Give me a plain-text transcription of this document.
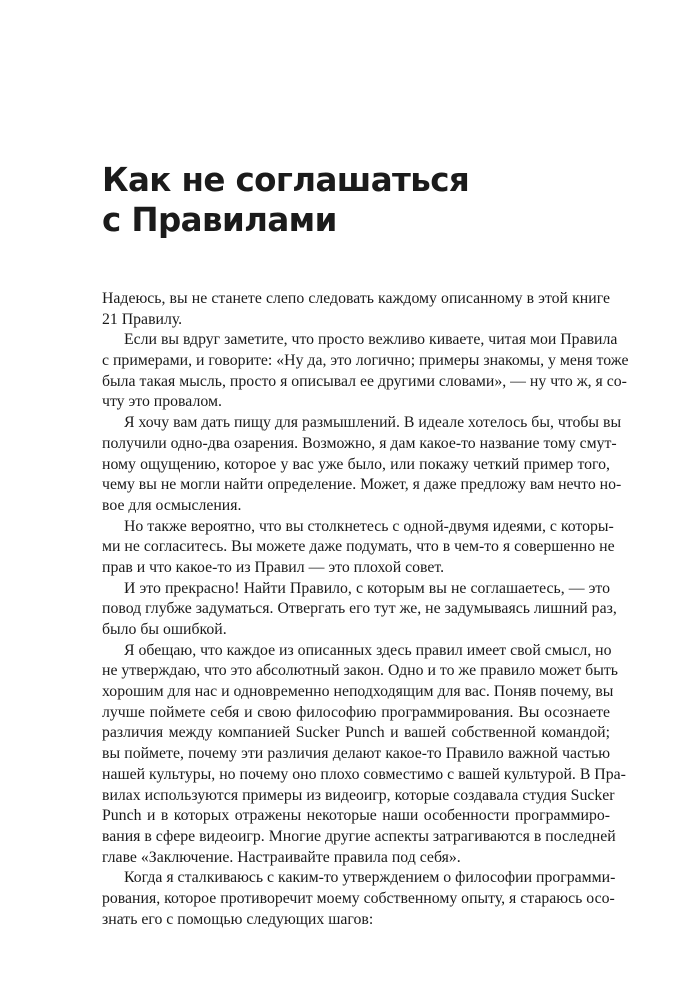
Как не соглашаться
с Правилами
Надеюсь, вы не станете слепо следовать каждому описанному в этой книге
21 Правилу.
Если вы вдруг заметите, что просто вежливо киваете, читая мои Правила
с примерами, и говорите: «Ну да, это логично; примеры знакомы, у меня тоже
была такая мысль, просто я описывал ее другими словами», — ну что ж, я со-
чту это провалом.
Я хочу вам дать пищу для размышлений. В идеале хотелось бы, чтобы вы
получили одно-два озарения. Возможно, я дам какое-то название тому смут-
ному ощущению, которое у вас уже было, или покажу четкий пример того,
чему вы не могли найти определение. Может, я даже предложу вам нечто но-
вое для осмысления.
Но также вероятно, что вы столкнетесь с одной-двумя идеями, с которы-
ми не согласитесь. Вы можете даже подумать, что в чем-то я совершенно не
прав и что какое-то из Правил — это плохой совет.
И это прекрасно! Найти Правило, с которым вы не соглашаетесь, — это
повод глубже задуматься. Отвергать его тут же, не задумываясь лишний раз,
было бы ошибкой.
Я обещаю, что каждое из описанных здесь правил имеет свой смысл, но
не утверждаю, что это абсолютный закон. Одно и то же правило может быть
хорошим для нас и одновременно неподходящим для вас. Поняв почему, вы
лучше поймете себя и свою философию программирования. Вы осознаете
различия между компанией Sucker Punch и вашей собственной командой;
вы поймете, почему эти различия делают какое-то Правило важной частью
нашей культуры, но почему оно плохо совместимо с вашей культурой. В Пра-
вилах используются примеры из видеоигр, которые создавала студия Sucker
Punch и в которых отражены некоторые наши особенности программиро-
вания в сфере видеоигр. Многие другие аспекты затрагиваются в последней
главе «Заключение. Настраивайте правила под себя».
Когда я сталкиваюсь с каким-то утверждением о философии программи-
рования, которое противоречит моему собственному опыту, я стараюсь осо-
знать его с помощью следующих шагов:
